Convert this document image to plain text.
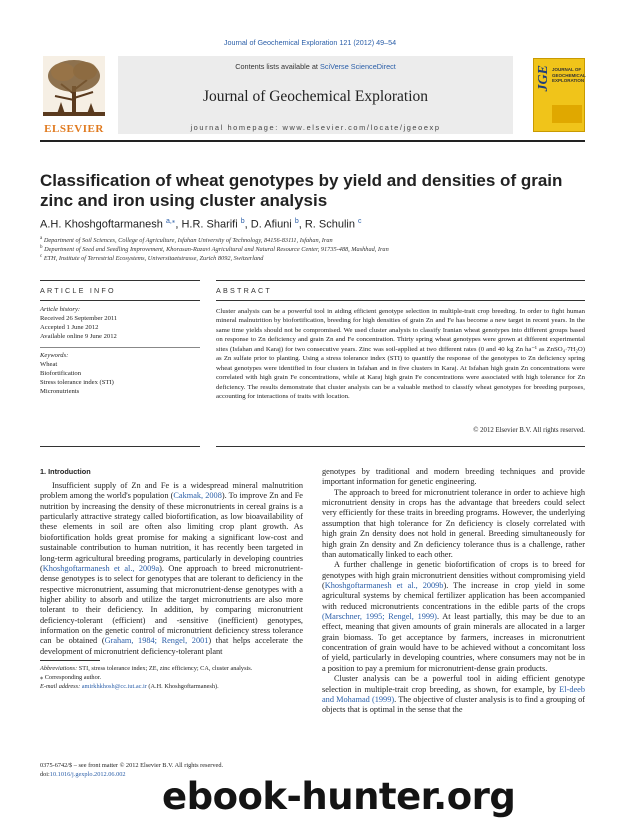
Journal of Geochemical Exploration 121 (2012) 49–54
ELSEVIER
Contents lists available at SciVerse ScienceDirect
Journal of Geochemical Exploration
journal homepage: www.elsevier.com/locate/jgeoexp
JGE JOURNAL OF GEOCHEMICAL EXPLORATION
Classification of wheat genotypes by yield and densities of grain zinc and iron using cluster analysis
A.H. Khoshgoftarmanesh $^{a,⁎}$, H.R. Sharifi $^b$, D. Afiuni $^b$, R. Schulin $^c$
$^a$ Department of Soil Sciences, College of Agriculture, Isfahan University of Technology, 84156-83111, Isfahan, Iran
$^b$ Department of Seed and Seedling Improvement, Khorasan-Razavi Agricultural and Natural Resource Center, 91735-488, Mashhad, Iran
$^c$ ETH, Institute of Terrestrial Ecosystems, Universitaetstrasse, Zurich 8092, Switzerland
ARTICLE INFO	ABSTRACT
Article history:
Received 26 September 2011
Accepted 1 June 2012
Available online 9 June 2012
Keywords:
Wheat
Biofortification
Stress tolerance index (STI)
Micronutrients
Cluster analysis can be a powerful tool in aiding efficient genotype selection in multiple-trait crop breeding. In order to fight human mineral malnutrition by biofortification, breeding for high densities of grain Zn and Fe has become a new target in recent years. In the same time yields should not be compromised. We used cluster analysis to classify Iranian wheat genotypes into different groups based on response to Zn deficiency and grain Zn and Fe concentration. Thirty spring wheat genotypes were grown at different experimental sites (Isfahan and Karaj) for two consecutive years. Zinc was soil-applied at two different rates (0 and 40 kg Zn ha⁻¹ as ZnSO₄·7H₂O) as Zn sulfate prior to planting. Using a stress tolerance index (STI) to quantify the response of the genotypes to Zn deficiency spring wheat genotypes were identified in four clusters in Isfahan and in five clusters in Karaj. At Isfahan high grain Zn concentrations were correlated with high grain Fe concentrations, while at Karaj high grain Fe concentrations were associated with high tolerance for Zn deficiency. The results demonstrate that cluster analysis can be a valuable method to classify wheat genotypes for breeding purposes, accounting for interactions of traits with location.
© 2012 Elsevier B.V. All rights reserved.
1. Introduction

Insufficient supply of Zn and Fe is a widespread mineral malnutrition problem among the world's population (Cakmak, 2008). To improve Zn and Fe nutrition by increasing the density of these micronutrients in cereal grains is a particularly attractive strategy called biofortification, as low bioavailability of these elements in soil are often also limiting crop plant growth. As biofortification holds great promise for making a significant low-cost and sustainable contribution to human nutrition, it has recently been targeted in long-term agricultural breeding programs, particularly in developing countries (Khoshgoftarmanesh et al., 2009a). One approach to breed micronutrient-dense genotypes is to select for genotypes that are tolerant to deficiency in the respective micronutrient, assuming that micronutrient-dense genotypes with a higher ability to absorb and utilize the target micronutrients are also more tolerant to their deficiency. In addition, by comparing micronutrient deficiency-tolerant (efficient) and -sensitive (inefficient) genotypes, information on the genetic control of micronutrient deficiency stress tolerance can be obtained (Graham, 1984; Rengel, 2001) that helps accelerate the development of micronutrient deficiency-tolerant plant

genotypes by traditional and modern breeding techniques and provide important information for genetic engineering.

The approach to breed for micronutrient tolerance in order to achieve high micronutrient density in crops has the advantage that breeders could select very efficiently for these traits in breeding programs. However, the underlying assumption that high tolerance for Zn deficiency is closely correlated with high grain Zn density does not hold in general. Breeding simultaneously for high grain Zn density and Zn deficiency tolerance thus is a challenge, rather than automatically linked to each other.

A further challenge in genetic biofortification of crops is to breed for genotypes with high grain micronutrient densities without compromising yield (Khoshgoftarmanesh et al., 2009b). The increase in crop yield in some agricultural systems by chemical fertilizer application has been accompanied with reduced micronutrients concentrations in the edible parts of the crops (Marschner, 1995; Rengel, 1999). At least partially, this may be due to an effect, meaning that given amounts of grain minerals are allocated in a larger grain biomass. To get acceptance by farmers, increases in micronutrient concentration of grain would have to be achieved without a concomitant loss of yield, particularly in developing countries, where consumers may not be in a position to pay a premium for micronutrient-dense grain products.

Cluster analysis can be a powerful tool in aiding efficient genotype selection in multiple-trait crop breeding, as shown, for example, by El-deeb and Mohamad (1999). The objective of cluster analysis is to find a grouping of objects that is optimal in the sense that the

Abbreviations: STI, stress tolerance index; ZE, zinc efficiency; CA, cluster analysis.
⁎ Corresponding author.
E-mail address: amirkhkhosh@cc.iut.ac.ir (A.H. Khoshgoftarmanesh).
0375-6742/$ – see front matter © 2012 Elsevier B.V. All rights reserved.
doi:10.1016/j.gexplo.2012.06.002
ebook-hunter.org
